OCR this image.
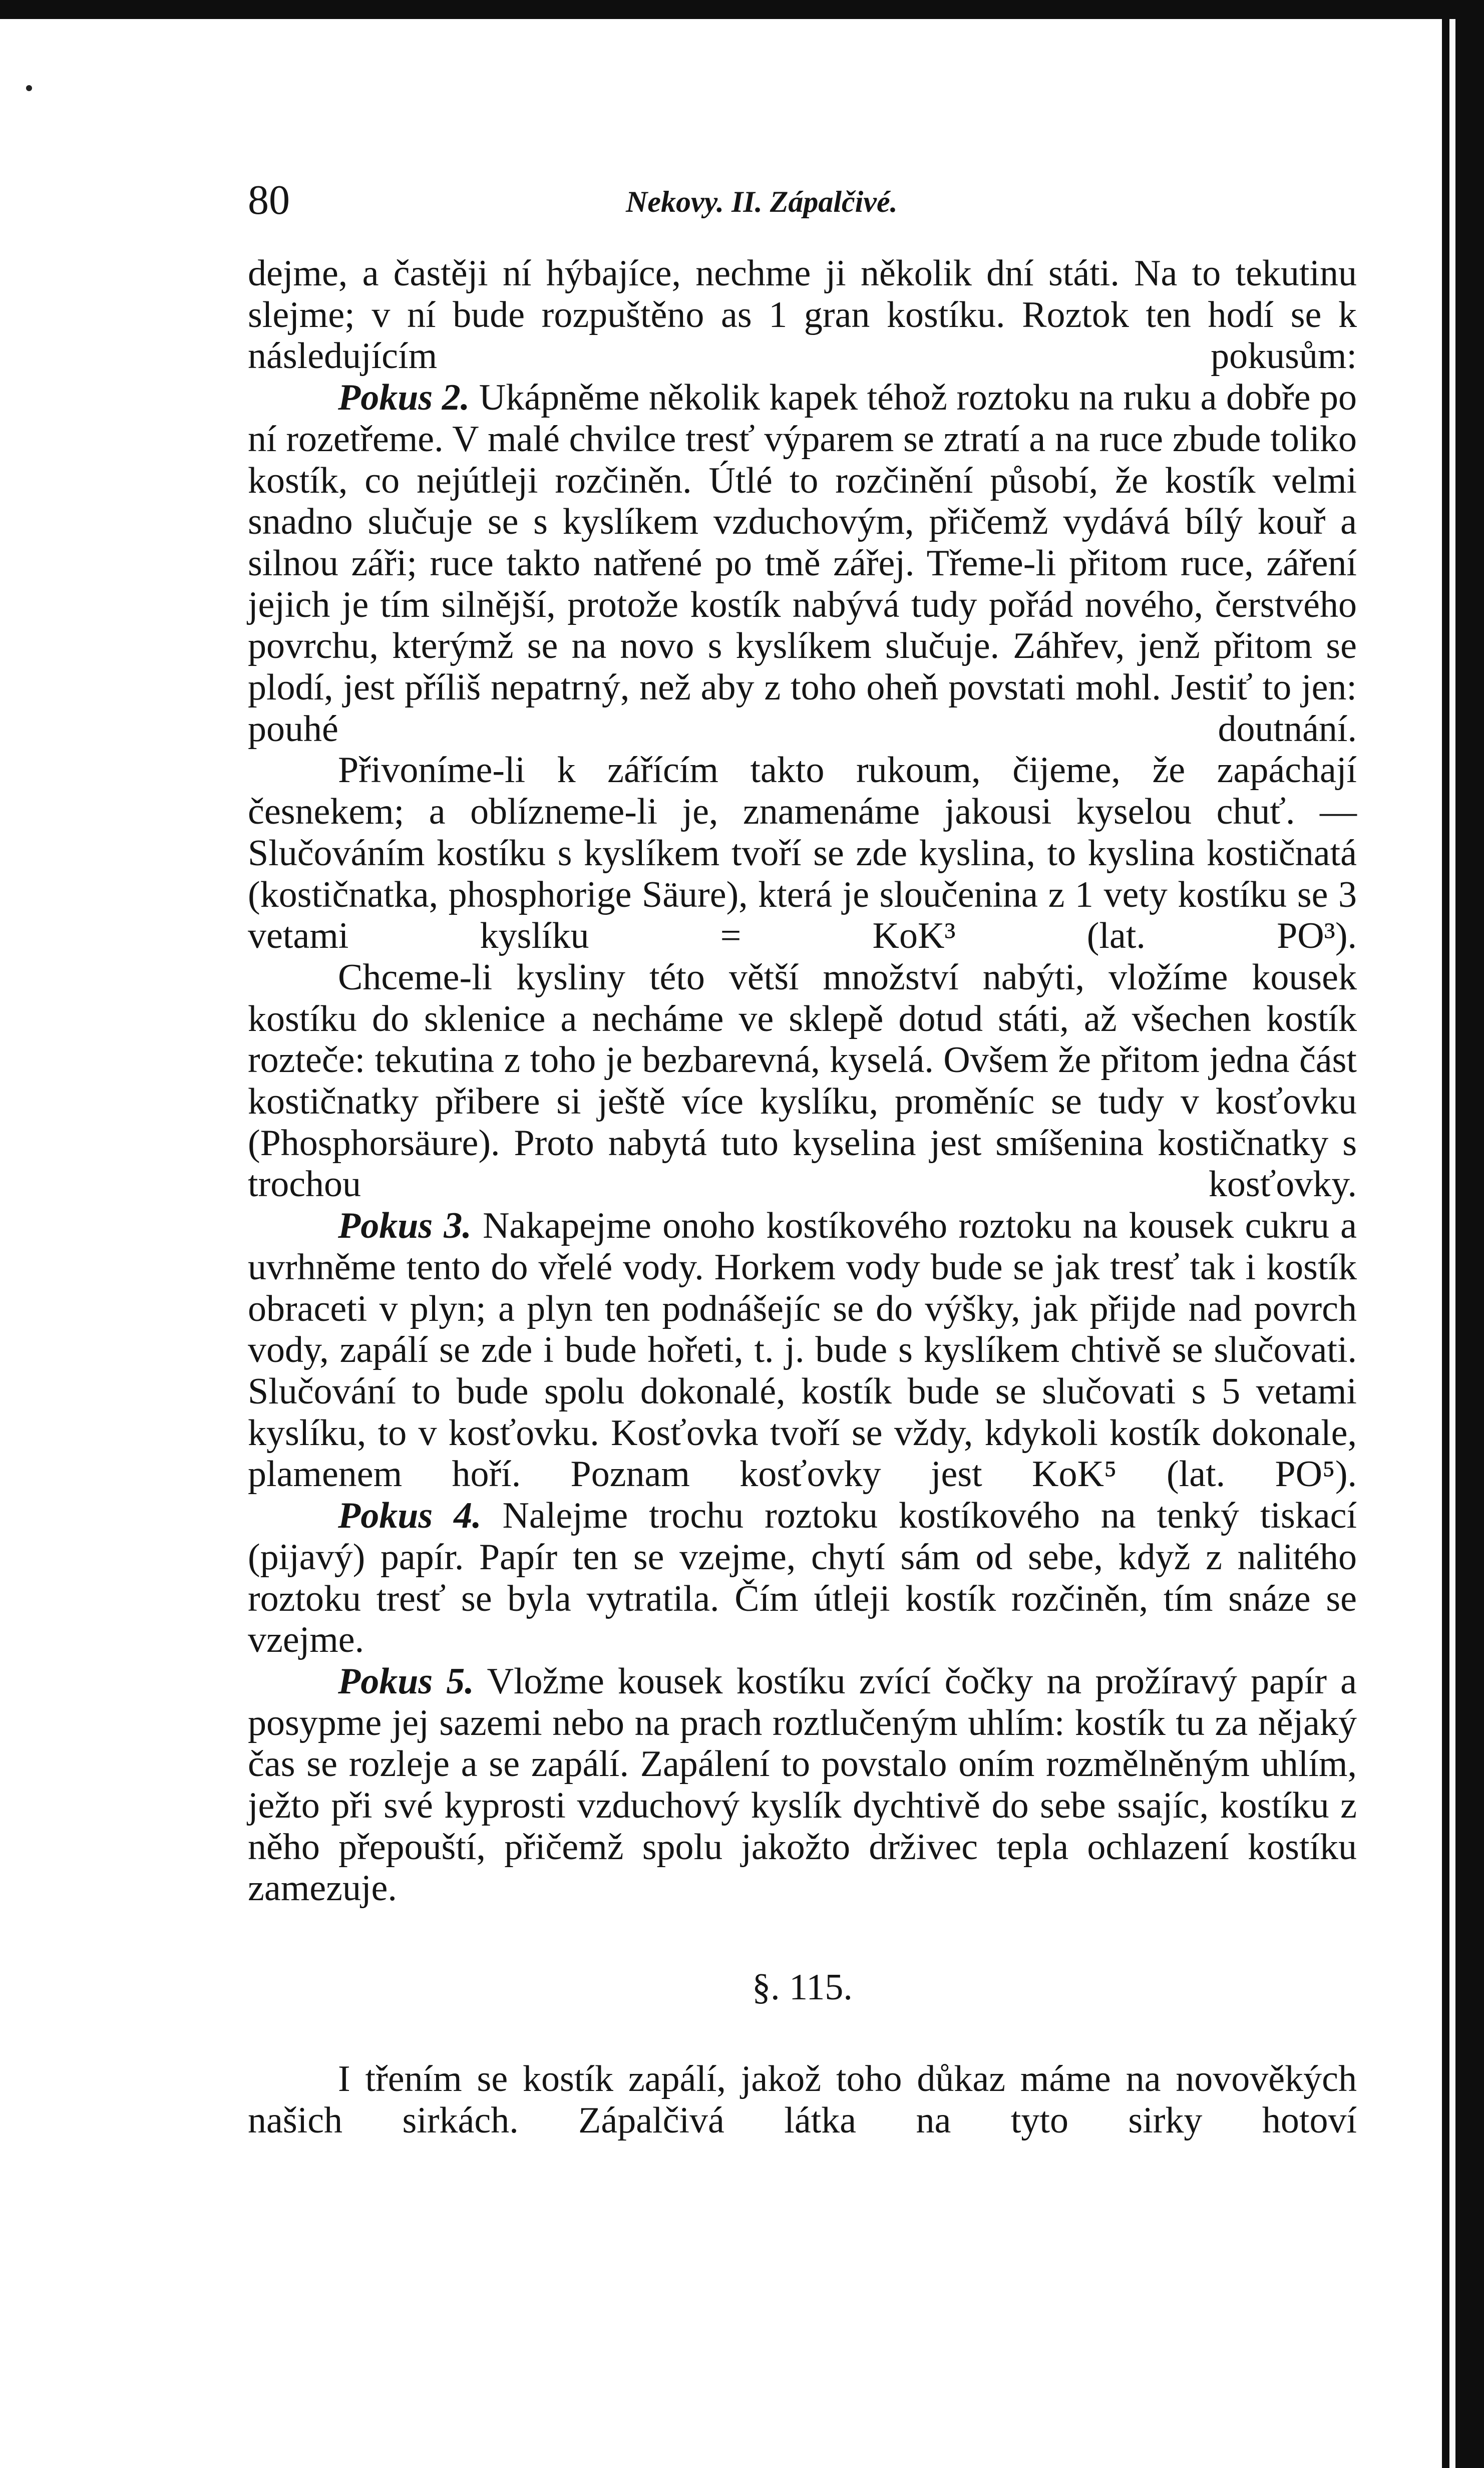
80	Nekovy. II. Zápalčivé.

dejme, a častěji ní hýbajíce, nechme ji několik dní státi. Na to tekutinu slejme; v ní bude rozpuštěno as 1 gran kostíku. Roztok ten hodí se k následujícím pokusům:

Pokus 2. Ukápněme několik kapek téhož roztoku na ruku a dobře po ní rozetřeme. V malé chvilce tresť výparem se ztratí a na ruce zbude toliko kostík, co nejútleji rozčiněn. Útlé to rozčinění působí, že kostík velmi snadno slučuje se s kyslíkem vzduchovým, přičemž vydává bílý kouř a silnou záři; ruce takto natřené po tmě zářej. Třeme-li přitom ruce, záření jejich je tím silnější, protože kostík nabývá tudy pořád nového, čerstvého povrchu, kterýmž se na novo s kyslíkem slučuje. Záhřev, jenž přitom se plodí, jest příliš nepatrný, než aby z toho oheň povstati mohl. Jestiť to jen: pouhé doutnání.

Přivoníme-li k zářícím takto rukoum, čijeme, že zapáchají česnekem; a oblízneme-li je, znamenáme jakousi kyselou chuť. — Slučováním kostíku s kyslíkem tvoří se zde kyslina, to kyslina kostičnatá (kostičnatka, phosphorige Säure), která je sloučenina z 1 vety kostíku se 3 vetami kyslíku = KoK³ (lat. PO³).

Chceme-li kysliny této větší množství nabýti, vložíme kousek kostíku do sklenice a necháme ve sklepě dotud státi, až všechen kostík rozteče: tekutina z toho je bezbarevná, kyselá. Ovšem že přitom jedna část kostičnatky přibere si ještě více kyslíku, proměníc se tudy v kosťovku (Phosphorsäure). Proto nabytá tuto kyselina jest smíšenina kostičnatky s trochou kosťovky.

Pokus 3. Nakapejme onoho kostíkového roztoku na kousek cukru a uvrhněme tento do vřelé vody. Horkem vody bude se jak tresť tak i kostík obraceti v plyn; a plyn ten podnášejíc se do výšky, jak přijde nad povrch vody, zapálí se zde i bude hořeti, t. j. bude s kyslíkem chtivě se slučovati. Slučování to bude spolu dokonalé, kostík bude se slučovati s 5 vetami kyslíku, to v kosťovku. Kosťovka tvoří se vždy, kdykoli kostík dokonale, plamenem hoří. Poznam kosťovky jest KoK⁵ (lat. PO⁵).

Pokus 4. Nalejme trochu roztoku kostíkového na tenký tiskací (pijavý) papír. Papír ten se vzejme, chytí sám od sebe, když z nalitého roztoku tresť se byla vytratila. Čím útleji kostík rozčiněn, tím snáze se vzejme.

Pokus 5. Vložme kousek kostíku zvící čočky na prožíravý papír a posypme jej sazemi nebo na prach roztlučeným uhlím: kostík tu za nějaký čas se rozleje a se zapálí. Zapálení to povstalo oním rozmělněným uhlím, ježto při své kyprosti vzduchový kyslík dychtivě do sebe ssajíc, kostíku z něho přepouští, přičemž spolu jakožto drživec tepla ochlazení kostíku zamezuje.

§. 115.

I třením se kostík zapálí, jakož toho důkaz máme na novověkých našich sirkách. Zápalčivá látka na tyto sirky hotoví
